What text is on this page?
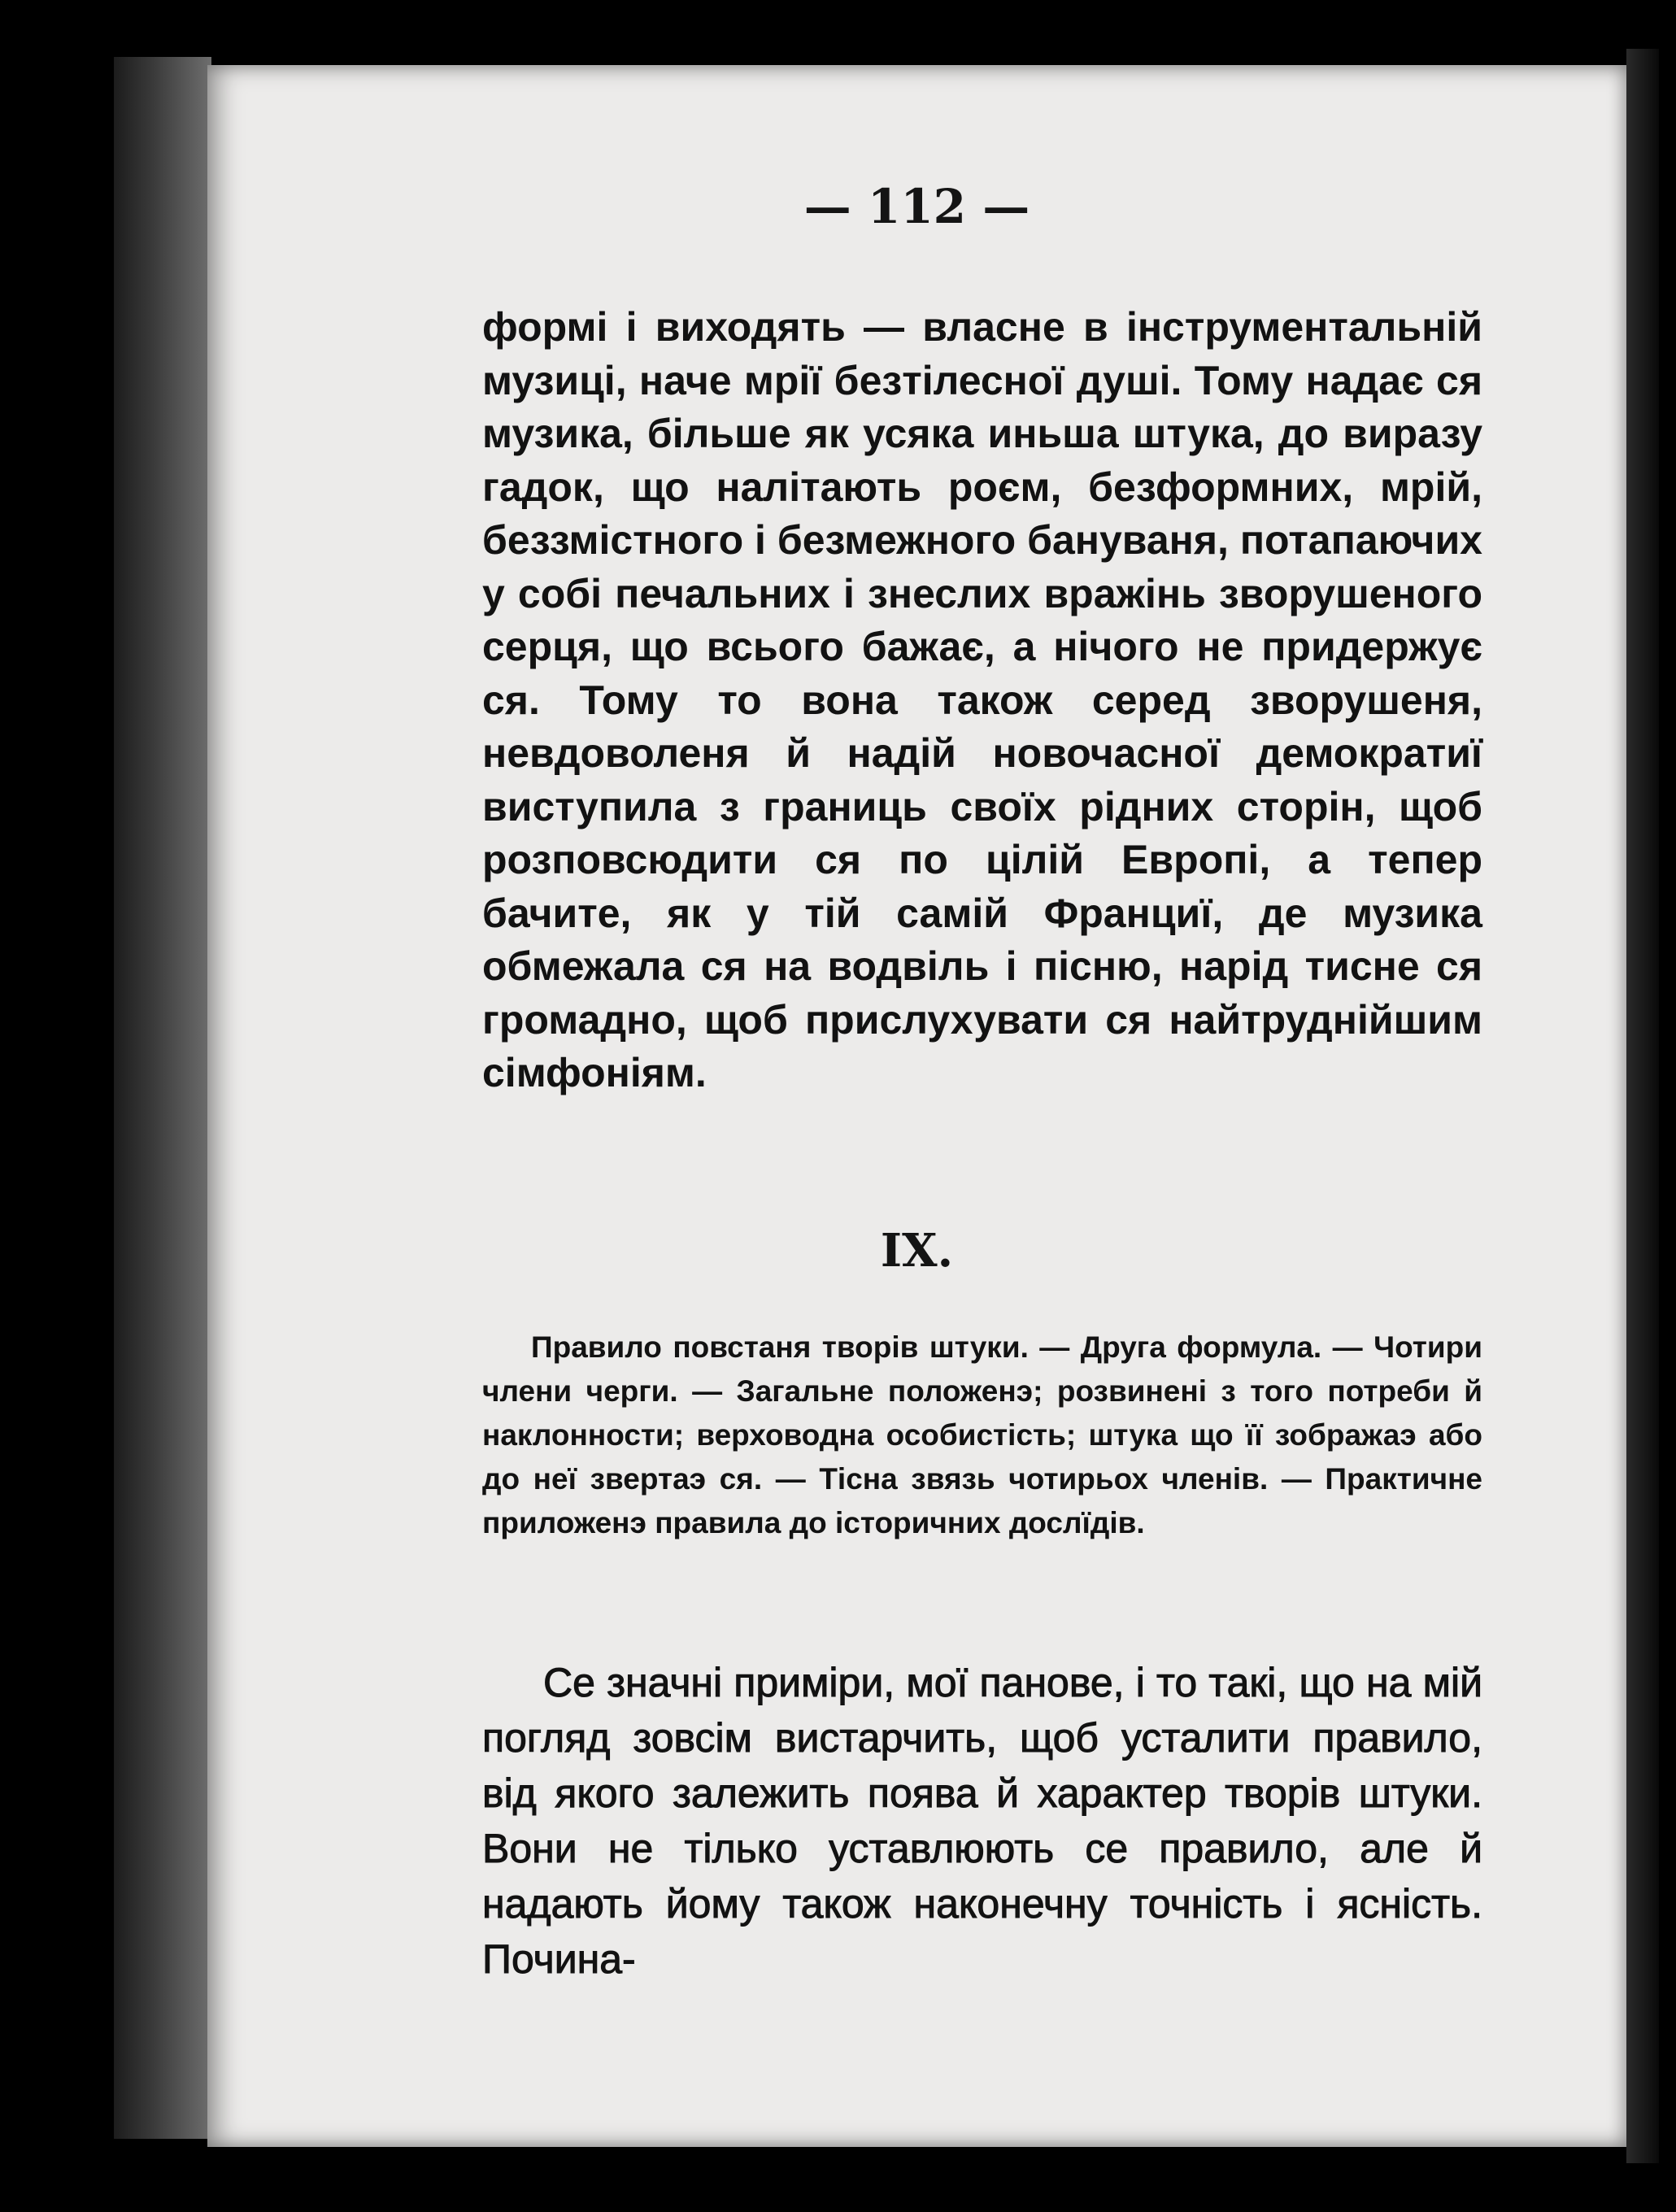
— 112 —

формі і виходять — власне в інструментальній музиці, наче мрії безтілесної душі. Тому надає ся музика, більше як усяка иньша штука, до виразу гадок, що налітають роєм, безформних, мрій, беззмістного і безмежного бануваня, потапаючих у собі печальних і знеслих вражінь зворушеного серця, що всього бажає, а нічого не придержує ся. Тому то вона також серед зворушеня, невдоволеня й надій новочасної демократиї виступила з границь своїх рідних сторін, щоб розповсюдити ся по цілій Европі, а тепер бачите, як у тій самій Франциї, де музика обмежала ся на водвіль і пісню, нарід тисне ся громадно, щоб прислухувати ся найтруднійшим сімфоніям.

IX.

Правило повстаня творів штуки. — Друга формула. — Чотири члени черги. — Загальне положенэ; розвинені з того потреби й наклонности; верховодна особистість; штука що її зображаэ або до неї звертаэ ся. — Тісна звязь чотирьох членів. — Практичне приложенэ правила до історичних дослїдів.

Се значні приміри, мої панове, і то такі, що на мій погляд зовсім вистарчить, щоб усталити правило, від якого залежить поява й характер творів штуки. Вони не тілько уставлюють се правило, але й надають йому також наконечну точність і ясність. Почина-
